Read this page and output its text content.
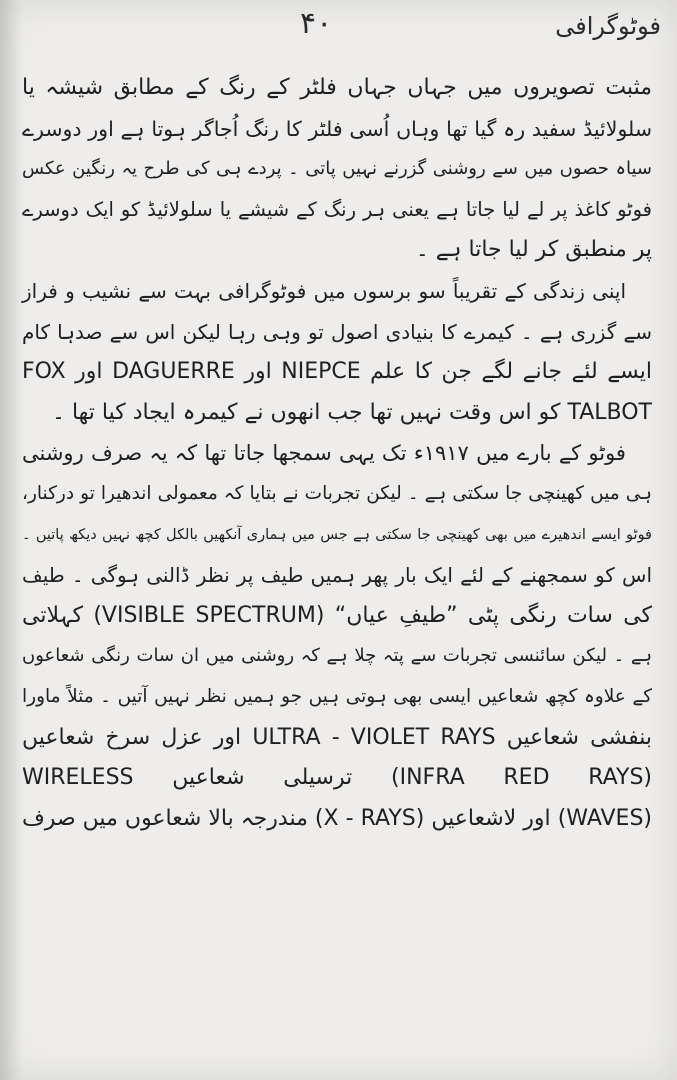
۴۰	فوٹوگرافی
مثبت تصویروں میں جہاں جہاں فلٹر کے رنگ کے مطابق شیشہ یا
سلولائیڈ سفید رہ گیا تھا وہاں اُسی فلٹر کا رنگ اُجاگر ہوتا ہے اور دوسرے
سیاہ حصوں میں سے روشنی گزرنے نہیں پاتی ۔ پردے ہی کی طرح یہ رنگین عکس
فوٹو کاغذ پر لے لیا جاتا ہے یعنی ہر رنگ کے شیشے یا سلولائیڈ کو ایک دوسرے
پر منطبق کر لیا جاتا ہے ۔
اپنی زندگی کے تقریباً سو برسوں میں فوٹوگرافی بہت سے نشیب و فراز
سے گزری ہے ۔ کیمرے کا بنیادی اصول تو وہی رہا لیکن اس سے صدہا کام
ایسے لئے جانے لگے جن کا علم NIEPCE اور DAGUERRE اور FOX
TALBOT کو اس وقت نہیں تھا جب انھوں نے کیمرہ ایجاد کیا تھا ۔
فوٹو کے بارے میں ۱۹۱۷ء تک یہی سمجھا جاتا تھا کہ یہ صرف روشنی
ہی میں کھینچی جا سکتی ہے ۔ لیکن تجربات نے بتایا کہ معمولی اندھیرا تو درکنار،
فوٹو ایسے اندھیرے میں بھی کھینچی جا سکتی ہے جس میں ہماری آنکھیں بالکل کچھ نہیں دیکھ پاتیں ۔
اس کو سمجھنے کے لئے ایک بار پھر ہمیں طیف پر نظر ڈالنی ہوگی ۔ طیف
کی سات رنگی پٹی ”طیفِ عیاں“ (VISIBLE SPECTRUM) کہلاتی
ہے ۔ لیکن سائنسی تجربات سے پتہ چلا ہے کہ روشنی میں ان سات رنگی شعاعوں
کے علاوہ کچھ شعاعیں ایسی بھی ہوتی ہیں جو ہمیں نظر نہیں آتیں ۔ مثلاً ماورا
بنفشی شعاعیں ULTRA - VIOLET RAYS اور عزل سرخ شعاعیں
(INFRA RED RAYS) ترسیلی شعاعیں WIRELESS
(WAVES) اور لاشعاعیں (X - RAYS) مندرجہ بالا شعاعوں میں صرف
